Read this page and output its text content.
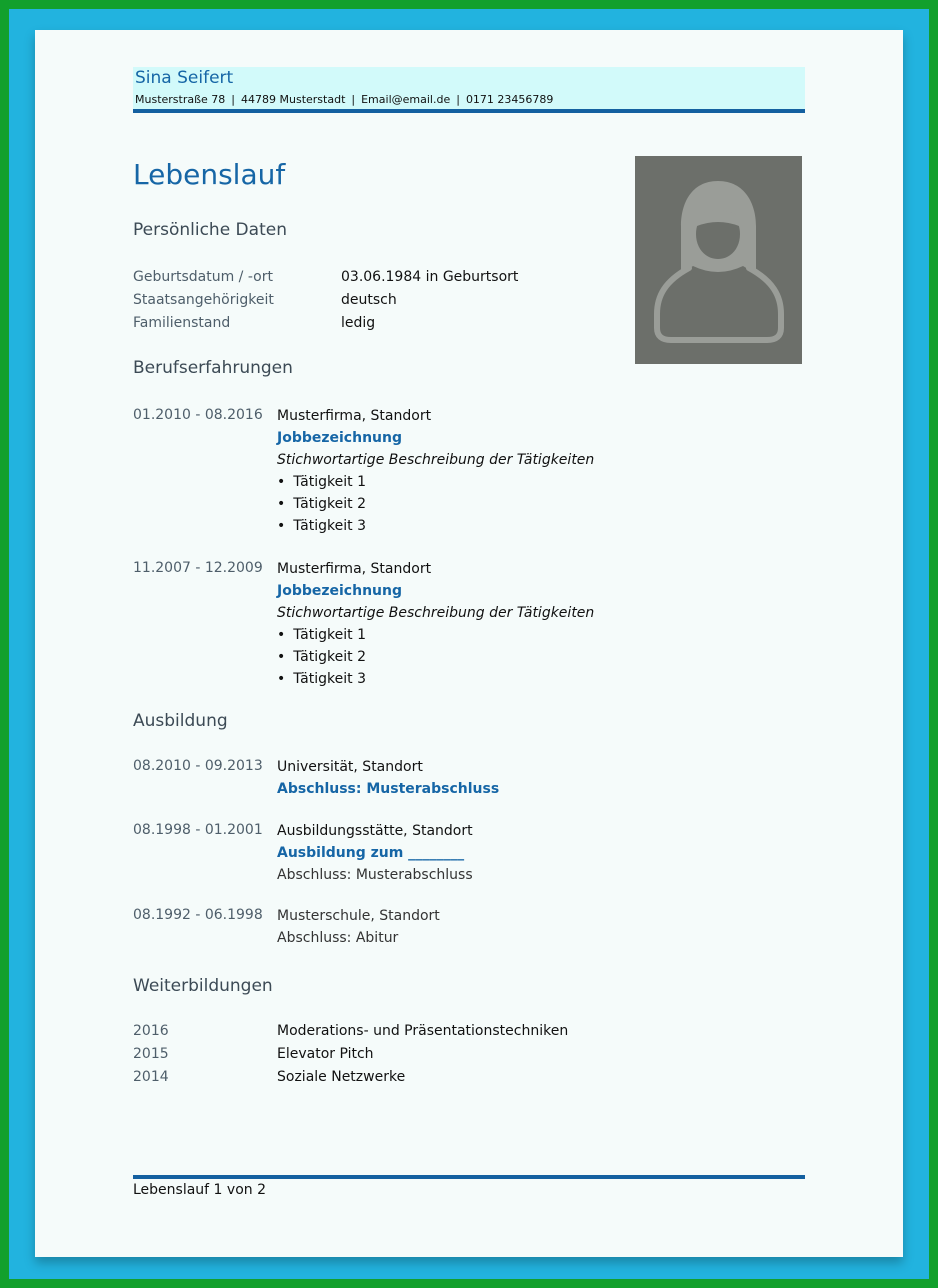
Sina Seifert
Musterstraße 78 | 44789 Musterstadt | Email@email.de | 0171 23456789
Lebenslauf
Persönliche Daten
Geburtsdatum / -ort	03.06.1984 in Geburtsort
Staatsangehörigkeit	deutsch
Familienstand	ledig
Berufserfahrungen
01.2010 - 08.2016 Musterfirma, Standort
Jobbezeichnung
Stichwortartige Beschreibung der Tätigkeiten
• Tätigkeit 1
• Tätigkeit 2
• Tätigkeit 3
11.2007 - 12.2009 Musterfirma, Standort
Jobbezeichnung
Stichwortartige Beschreibung der Tätigkeiten
• Tätigkeit 1
• Tätigkeit 2
• Tätigkeit 3
Ausbildung
08.2010 - 09.2013 Universität, Standort
Abschluss: Musterabschluss
08.1998 - 01.2001 Ausbildungsstätte, Standort
Ausbildung zum ________
Abschluss: Musterabschluss
08.1992 - 06.1998 Musterschule, Standort
Abschluss: Abitur
Weiterbildungen
2016	Moderations- und Präsentationstechniken
2015	Elevator Pitch
2014	Soziale Netzwerke
Lebenslauf 1 von 2
